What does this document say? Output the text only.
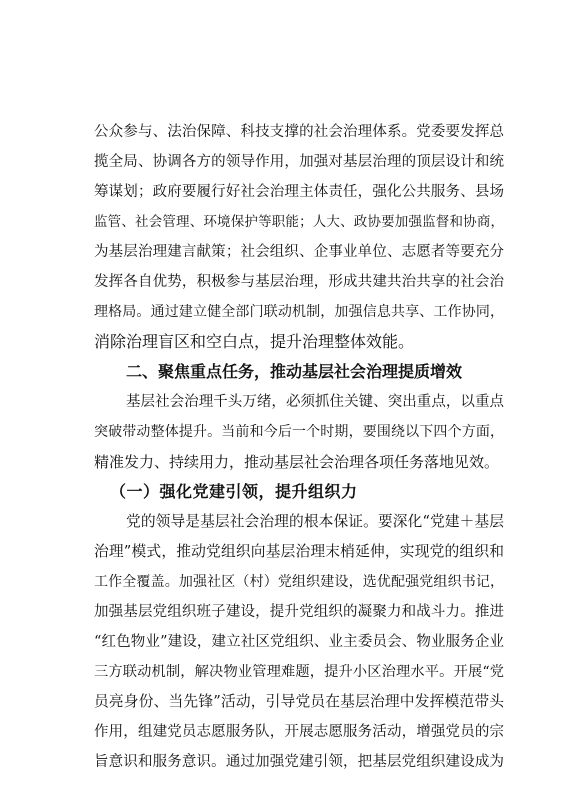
公众参与、法治保障、科技支撑的社会治理体系。党委要发挥总
揽全局、协调各方的领导作用，加强对基层治理的顶层设计和统
筹谋划；政府要履行好社会治理主体责任，强化公共服务、县场
监管、社会管理、环境保护等职能；人大、政协要加强监督和协商，
为基层治理建言献策；社会组织、企事业单位、志愿者等要充分
发挥各自优势，积极参与基层治理，形成共建共治共享的社会治
理格局。通过建立健全部门联动机制，加强信息共享、工作协同，
消除治理盲区和空白点，提升治理整体效能。
二、聚焦重点任务，推动基层社会治理提质增效
基层社会治理千头万绪，必须抓住关键、突出重点，以重点
突破带动整体提升。当前和今后一个时期，要围绕以下四个方面，
精准发力、持续用力，推动基层社会治理各项任务落地见效。
（一）强化党建引领，提升组织力
党的领导是基层社会治理的根本保证。要深化“党建＋基层
治理”模式，推动党组织向基层治理末梢延伸，实现党的组织和
工作全覆盖。加强社区（村）党组织建设，选优配强党组织书记，
加强基层党组织班子建设，提升党组织的凝聚力和战斗力。推进
“红色物业”建设，建立社区党组织、业主委员会、物业服务企业
三方联动机制，解决物业管理难题，提升小区治理水平。开展“党
员亮身份、当先锋”活动，引导党员在基层治理中发挥模范带头
作用，组建党员志愿服务队，开展志愿服务活动，增强党员的宗
旨意识和服务意识。通过加强党建引领，把基层党组织建设成为
